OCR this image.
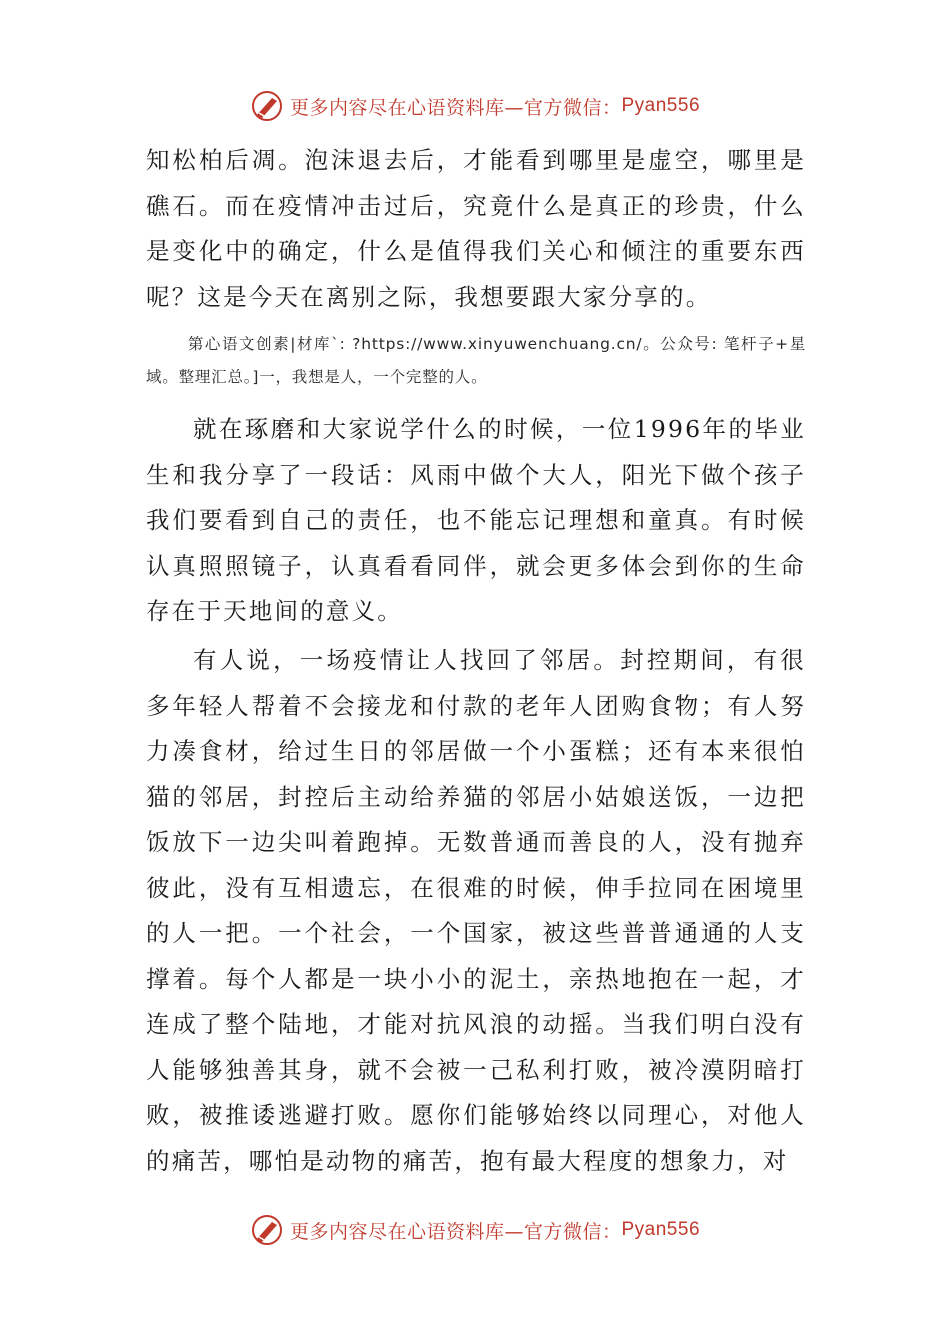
更多内容尽在心语资料库—官方微信： Pyan556

知松柏后凋。泡沫退去后，才能看到哪里是虚空，哪里是礁石。而在疫情冲击过后，究竟什么是真正的珍贵，什么是变化中的确定，什么是值得我们关心和倾注的重要东西呢？这是今天在离别之际，我想要跟大家分享的。

第心语文创素|材库`: ?https://www.xinyuwenchuang.cn/。公众号: 笔杆子+星域。整理汇总。]一，我想是人，一个完整的人。

就在琢磨和大家说学什么的时候，一位1996年的毕业生和我分享了一段话：风雨中做个大人，阳光下做个孩子我们要看到自己的责任，也不能忘记理想和童真。有时候认真照照镜子，认真看看同伴，就会更多体会到你的生命存在于天地间的意义。

有人说，一场疫情让人找回了邻居。封控期间，有很多年轻人帮着不会接龙和付款的老年人团购食物；有人努力凑食材，给过生日的邻居做一个小蛋糕；还有本来很怕猫的邻居，封控后主动给养猫的邻居小姑娘送饭，一边把饭放下一边尖叫着跑掉。无数普通而善良的人，没有抛弃彼此，没有互相遗忘，在很难的时候，伸手拉同在困境里的人一把。一个社会，一个国家，被这些普普通通的人支撑着。每个人都是一块小小的泥土，亲热地抱在一起，才连成了整个陆地，才能对抗风浪的动摇。当我们明白没有人能够独善其身，就不会被一己私利打败，被冷漠阴暗打败，被推诿逃避打败。愿你们能够始终以同理心，对他人的痛苦，哪怕是动物的痛苦，抱有最大程度的想象力，对

更多内容尽在心语资料库—官方微信： Pyan556
